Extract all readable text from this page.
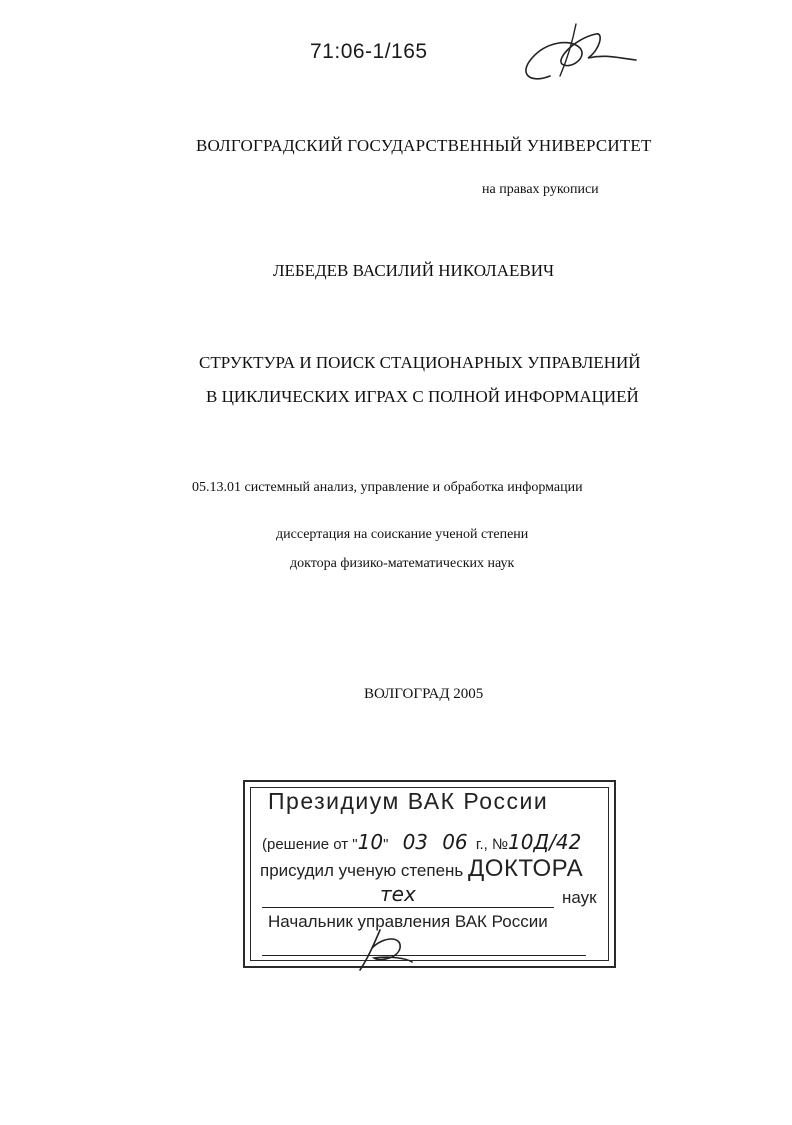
71:06-1/165
ВОЛГОГРАДСКИЙ ГОСУДАРСТВЕННЫЙ УНИВЕРСИТЕТ
на правах рукописи
ЛЕБЕДЕВ ВАСИЛИЙ НИКОЛАЕВИЧ
СТРУКТУРА И ПОИСК СТАЦИОНАРНЫХ УПРАВЛЕНИЙ
В ЦИКЛИЧЕСКИХ ИГРАХ С ПОЛНОЙ ИНФОРМАЦИЕЙ
05.13.01 системный анализ, управление и обработка информации
диссертация на соискание ученой степени
доктора физико-математических наук
ВОЛГОГРАД 2005
Президиум ВАК России
(решение от "10" 03 06 г., №10Д/42
присудил ученую степень ДОКТОРА
тех	наук
Начальник управления ВАК России
